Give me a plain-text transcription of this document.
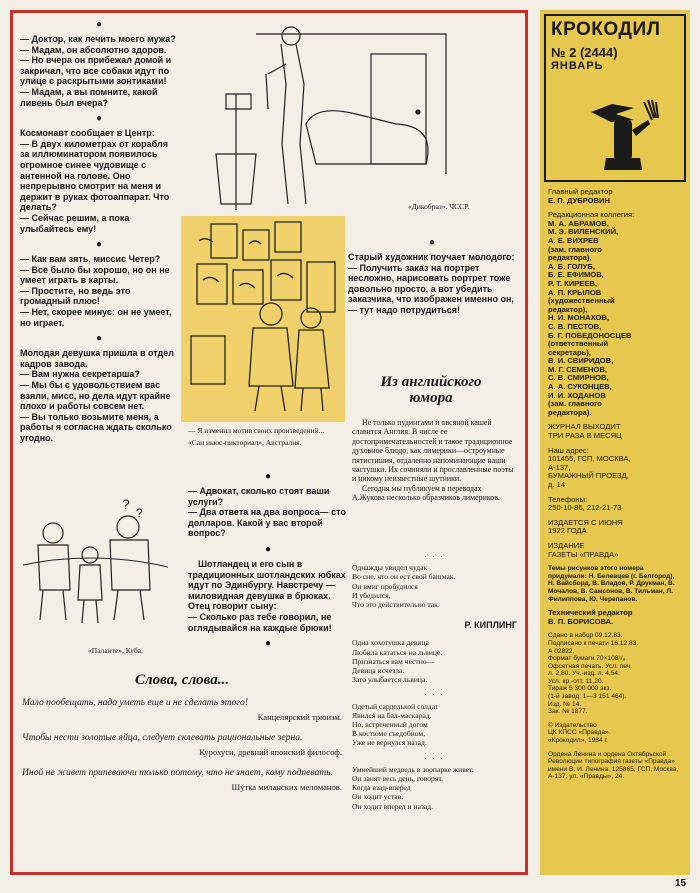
●

— Доктор, как лечить моего мужа?

— Мадам, он абсолютно здоров.

— Но вчера он прибежал домой и закричал, что все собаки идут по улице с раскрытыми зонтиками!

— Мадам, а вы помните, какой ливень был вчера?

●

Космонавт сообщает в Центр:

— В двух километрах от корабля за иллюминатором появилось огромное синее чудовище с антенной на голове. Оно непрерывно смотрит на меня и держит в руках фотоаппарат. Что делать?

— Сейчас решим, а пока улыбайтесь ему!

●

— Как вам зять, миссис Четер?

— Все было бы хорошо, но он не умеет играть в карты.

— Простите, но ведь это громадный плюс!

— Нет, скорее минус: он не умеет, но играет.

●

Молодая девушка пришла в отдел кадров завода.

— Вам нужна секретарша?

— Мы бы с удовольствием вас взяли, мисс, но дела идут крайне плохо и работы совсем нет.

— Вы только возьмите меня, а работы я согласна ждать сколько угодно.

?
?
«Паланте», Куба.
«Дикобраз». ЧССР.
— Я изменил мотив своих произведений...
«Сан ньюс-пикториал», Австралия.
●

Старый художник поучает молодого:

— Получить заказ на портрет несложно, нарисовать портрет тоже довольно просто, а вот убедить заказчика, что изображен именно он,— тут надо потрудиться!

Из английского
юмора

Не только пудингами и овсяной кашей славится Англия. В числе ее достопримечательностей и такое традиционное духовное блюдо, как лимерики—остроумные пятистишия, отдаленно напоминающие наши частушки. Их сочиняли и прославленные поэты и никому неизвестные шутники.

Сегодня мы публикуем в переводах А.Жукова несколько образчиков лимериков.

●

— Адвокат, сколько стоят ваши услуги?

— Два ответа на два вопроса— сто долларов. Какой у вас второй вопрос?

●

Шотландец и его сын в традиционных шотландских юбках идут по Эдинбургу. Навстречу — миловидная девушка в брюках. Отец говорит сыну:

— Сколько раз тебе говорил, не оглядывайся на каждые брюки!

●
. . .
Однажды увидел чудак
Во сне, что он ест свой башмак.
Он вмиг пробудился
И убедился,
Что это действительно так.
Р. КИПЛИНГ
Одна хохотушка девица
Любила кататься на львице.
Признаться вам честно—
Девица исчезла.
Зато улыбается львица.
. . .
Одетый сарделькой солдат
Явился на бал-маскарад.
Но, встреченный догом
В костюме съедобном,
Уже не вернулся назад.
. . .
Умнейший медведь в зоопарке живет.
Он занят весь день, говорят.
Когда взад-вперед
Он ходит устав,
Он ходит вперед и назад.
Слова, слова...
Мало пообещать, надо уметь еще и не сделать этого!
Канцелярский трюизм.
Чтобы нести золотые яйца, следует склевать рациональные зерна.
Курохуси, древний японский философ.
Иной не живет припеваючи только потому, что не знает, кому подпевать.
Шутка миланских меломанов.
КРОКОДИЛ
№ 2 (2444)
ЯНВАРЬ
Главный редактор
Е. П. ДУБРОВИН
Редакционная коллегия:
М. А. АБРАМОВ,
М. Э. ВИЛЕНСКИЙ,
А. Е. ВИХРЕВ
(зам. главного
редактора),
А. Б. ГОЛУБ,
Б. Е. ЕФИМОВ,
Р. Т. КИРЕЕВ,
А. П. КРЫЛОВ
(художественный
редактор),
Н. И. МОНАХОВ,
С. В. ПЕСТОВ,
Б. Г. ПОБЕДОНОСЦЕВ
(ответственный
секретарь),
В. И. СВИРИДОВ,
М. Г. СЕМЕНОВ,
С. В. СМИРНОВ,
А. А. СУКОНЦЕВ,
И. И. ХОДАНОВ
(зам. главного
редактора).
ЖУРНАЛ ВЫХОДИТ
ТРИ РАЗА В МЕСЯЦ
Наш адрес:
101455, ГСП, МОСКВА,
А-137,
БУМАЖНЫЙ ПРОЕЗД,
д. 14
Телефоны:
250-10-86, 212-21-73
ИЗДАЕТСЯ С ИЮНЯ
1922 ГОДА
ИЗДАНИЕ
ГАЗЕТЫ «ПРАВДА»
Темы рисунков этого номера придумали: Н. Белевцев (г. Белгород), Н. Вайсборд, В. Владов, Р. Друкман, В. Мочалов, В. Самсонов, В. Тильман, Л. Филиппова, Ю. Черепанов.
Технический редактор
В. П. БОРИСОВА.
Сдано в набор 09.12.83.
Подписано к печати 16.12.83.
А 02822.
Формат бумаги 70×108¹/₈.
Офсетная печать. Усл. печ.
л. 2,80. Уч.-изд. л. 4,54.
Усл. кр.-отт. 11,20.
Тираж 5 300 000 экз.
(1-й завод: 1—3 151 464).
Изд. № 14.
Зак. № 1877.
© Издательство
ЦК КПСС «Правда».
«Крокодил», 1984 г.
Ордена Ленина и ордена Октябрьской Революции типография газеты «Правда» имени В. И. Ленина. 125865, ГСП, Москва, А-137, ул. «Правды», 24.
15
